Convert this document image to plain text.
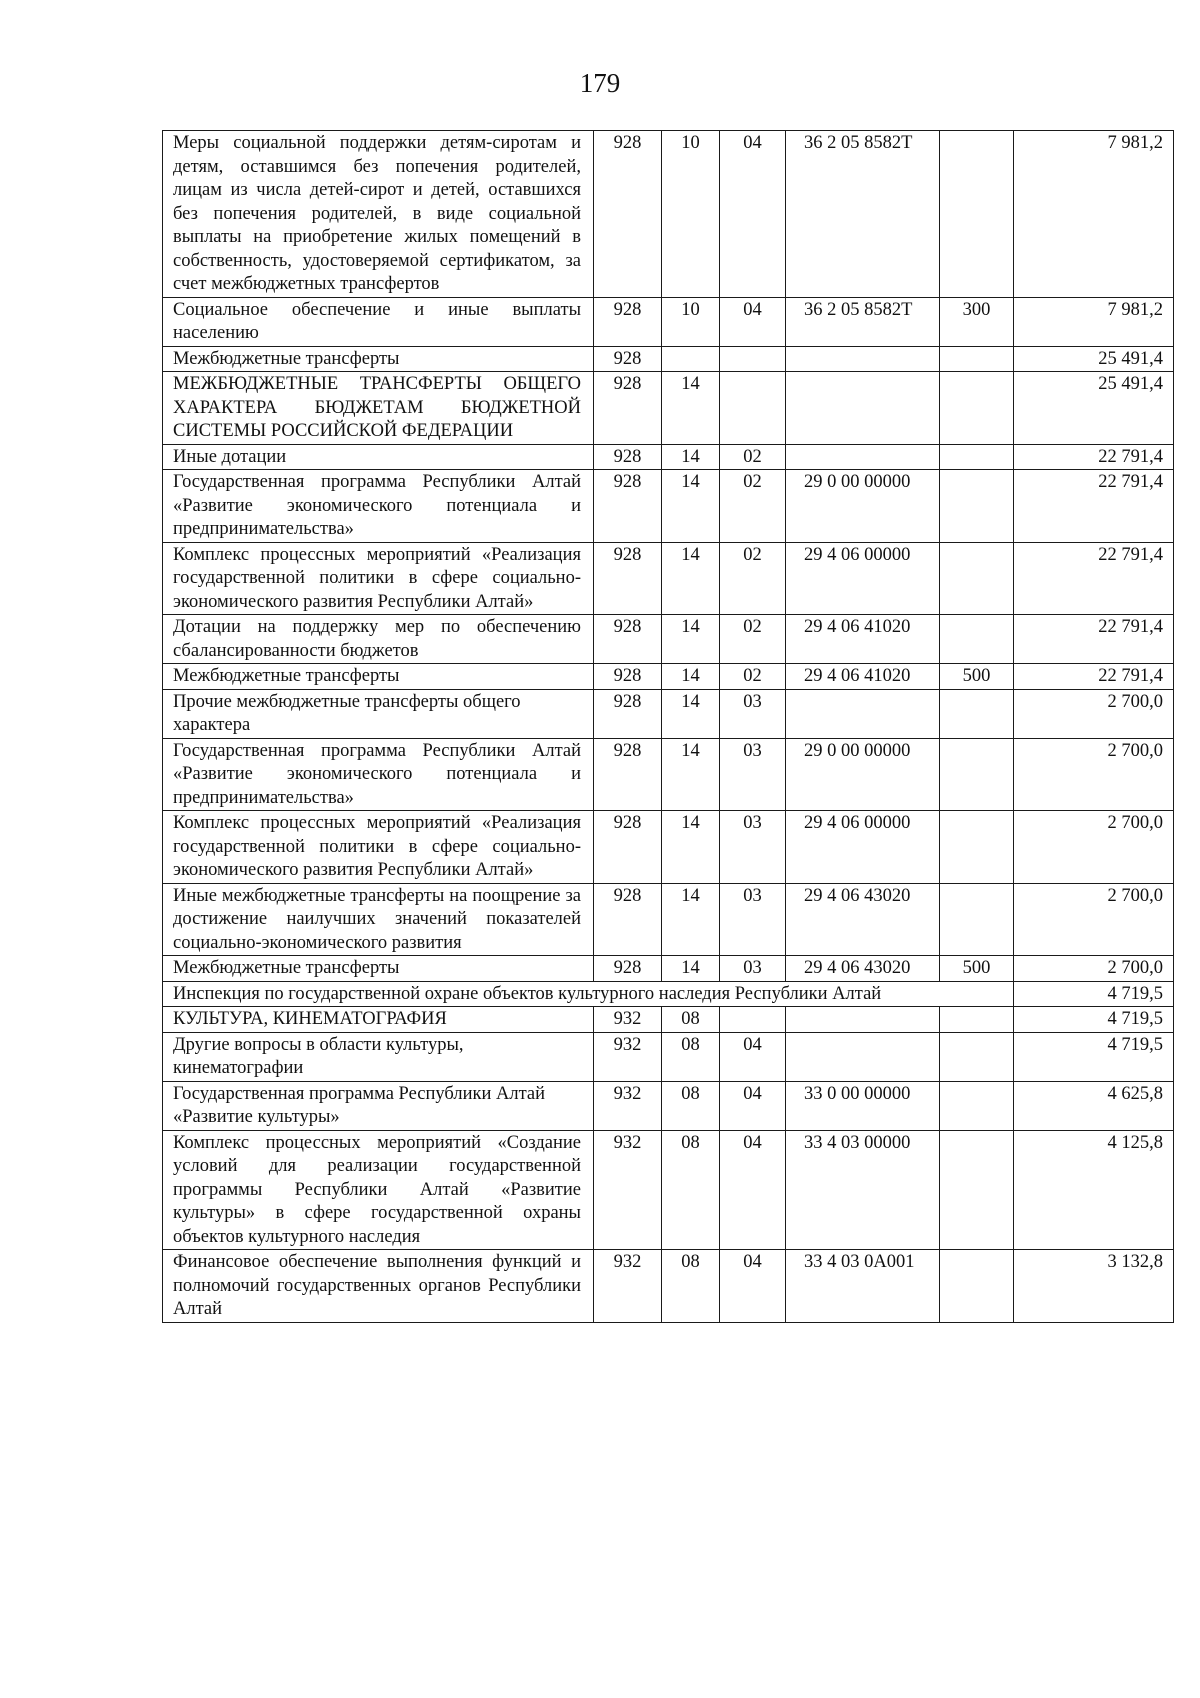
179
Меры социальной поддержки детям-сиротам и детям, оставшимся без попечения родителей, лицам из числа детей-сирот и детей, оставшихся без попечения родителей, в виде социальной выплаты на приобретение жилых помещений в собственность, удостоверяемой сертификатом, за счет межбюджетных трансфертов	928	10	04	36 2 05 8582Т		7 981,2
Социальное обеспечение и иные выплаты населению	928	10	04	36 2 05 8582Т	300	7 981,2
Межбюджетные трансферты	928					25 491,4
МЕЖБЮДЖЕТНЫЕ ТРАНСФЕРТЫ ОБЩЕГО ХАРАКТЕРА БЮДЖЕТАМ БЮДЖЕТНОЙ СИСТЕМЫ РОССИЙСКОЙ ФЕДЕРАЦИИ	928	14				25 491,4
Иные дотации	928	14	02			22 791,4
Государственная программа Республики Алтай «Развитие экономического потенциала и предпринимательства»	928	14	02	29 0 00 00000		22 791,4
Комплекс процессных мероприятий «Реализация государственной политики в сфере социально-экономического развития Республики Алтай»	928	14	02	29 4 06 00000		22 791,4
Дотации на поддержку мер по обеспечению сбалансированности бюджетов	928	14	02	29 4 06 41020		22 791,4
Межбюджетные трансферты	928	14	02	29 4 06 41020	500	22 791,4
Прочие межбюджетные трансферты общего характера	928	14	03			2 700,0
Государственная программа Республики Алтай «Развитие экономического потенциала и предпринимательства»	928	14	03	29 0 00 00000		2 700,0
Комплекс процессных мероприятий «Реализация государственной политики в сфере социально-экономического развития Республики Алтай»	928	14	03	29 4 06 00000		2 700,0
Иные межбюджетные трансферты на поощрение за достижение наилучших значений показателей социально-экономического развития	928	14	03	29 4 06 43020		2 700,0
Межбюджетные трансферты	928	14	03	29 4 06 43020	500	2 700,0
Инспекция по государственной охране объектов культурного наследия Республики Алтай						4 719,5
КУЛЬТУРА, КИНЕМАТОГРАФИЯ	932	08				4 719,5
Другие вопросы в области культуры, кинематографии	932	08	04			4 719,5
Государственная программа Республики Алтай «Развитие культуры»	932	08	04	33 0 00 00000		4 625,8
Комплекс процессных мероприятий «Создание условий для реализации государственной программы Республики Алтай «Развитие культуры» в сфере государственной охраны объектов культурного наследия	932	08	04	33 4 03 00000		4 125,8
Финансовое обеспечение выполнения функций и полномочий государственных органов Республики Алтай	932	08	04	33 4 03 0А001		3 132,8
